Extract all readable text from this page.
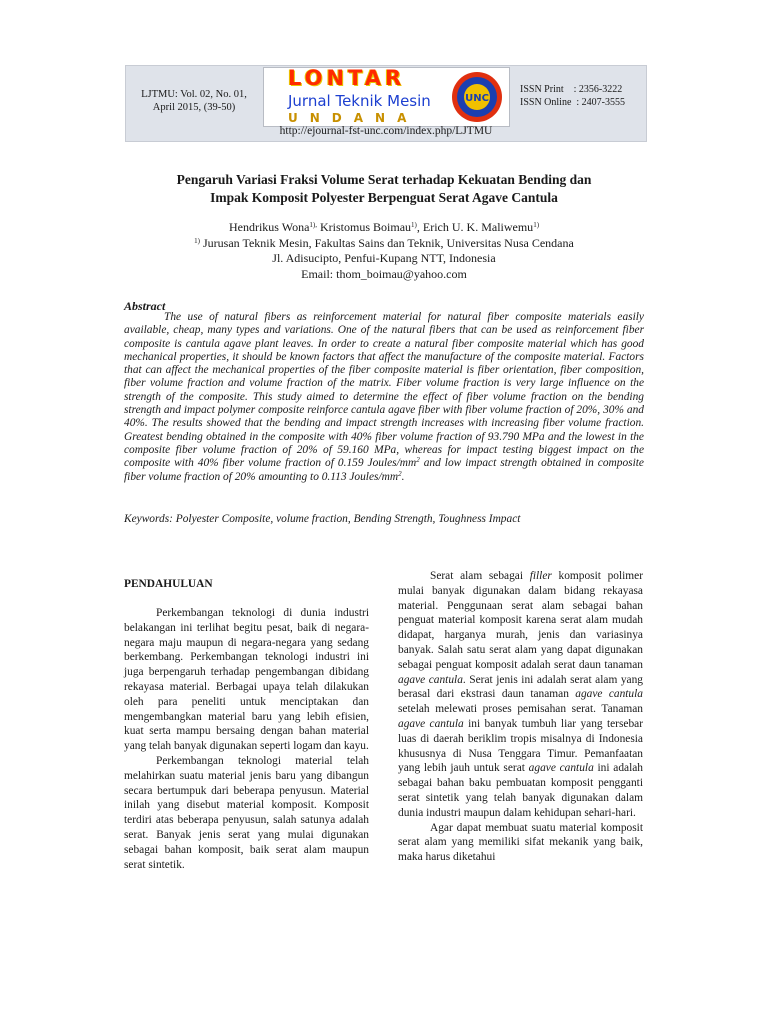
LJTMU: Vol. 02, No. 01,
April 2015, (39-50)
LONTAR
Jurnal Teknik Mesin
UNDANA
UNC
ISSN Print    : 2356-3222
ISSN Online  : 2407-3555
http://ejournal-fst-unc.com/index.php/LJTMU
Pengaruh Variasi Fraksi Volume Serat terhadap Kekuatan Bending dan
Impak Komposit Polyester Berpenguat Serat Agave Cantula

Hendrikus Wona$^{1),}$ Kristomus Boimau$^{1)}$, Erich U. K. Maliwemu$^{1)}$

$^{1)}$ Jurusan Teknik Mesin, Fakultas Sains dan Teknik, Universitas Nusa Cendana

Jl. Adisucipto, Penfui-Kupang NTT, Indonesia

Email: thom_boimau@yahoo.com

Abstract

The use of natural fibers as reinforcement material for natural fiber composite materials easily available, cheap, many types and variations. One of the natural fibers that can be used as reinforcement fiber composite is cantula agave plant leaves. In order to create a natural fiber composite material which has good mechanical properties, it should be known factors that affect the manufacture of the composite material. Factors that can affect the mechanical properties of the fiber composite material is fiber orientation, fiber composition, fiber volume fraction and volume fraction of the matrix. Fiber volume fraction is very large influence on the strength of the composite. This study aimed to determine the effect of fiber volume fraction on the bending strength and impact polymer composite reinforce cantula agave fiber with fiber volume fraction of 20%, 30% and 40%. The results showed that the bending and impact strength increases with increasing fiber volume fraction. Greatest bending obtained in the composite with 40% fiber volume fraction of 93.790 MPa and the lowest in the composite fiber volume fraction of 20% of 59.160 MPa, whereas for impact testing biggest impact on the composite with 40% fiber volume fraction of 0.159 Joules/$mm^2$ and low impact strength obtained in composite fiber volume fraction of 20% amounting to 0.113 Joules/$mm^2$.

Keywords: Polyester Composite, volume fraction, Bending Strength, Toughness Impact

PENDAHULUAN

Perkembangan teknologi di dunia industri belakangan ini terlihat begitu pesat, baik di negara-negara maju maupun di negara-negara yang sedang berkembang. Perkembangan teknologi industri ini juga berpengaruh terhadap pengembangan dibidang rekayasa material. Berbagai upaya telah dilakukan oleh para peneliti untuk menciptakan dan mengembangkan material baru yang lebih efisien, kuat serta mampu bersaing dengan bahan material yang telah banyak digunakan seperti logam dan kayu.

Perkembangan teknologi material telah melahirkan suatu material jenis baru yang dibangun secara bertumpuk dari beberapa penyusun. Material inilah yang disebut material komposit. Komposit terdiri atas beberapa penyusun, salah satunya adalah serat. Banyak jenis serat yang mulai digunakan sebagai bahan komposit, baik serat alam maupun serat sintetik.

Serat alam sebagai filler komposit polimer mulai banyak digunakan dalam bidang rekayasa material. Penggunaan serat alam sebagai bahan penguat material komposit karena serat alam mudah didapat, harganya murah, jenis dan variasinya banyak. Salah satu serat alam yang dapat digunakan sebagai penguat komposit adalah serat daun tanaman agave cantula. Serat jenis ini adalah serat alam yang berasal dari ekstrasi daun tanaman agave cantula setelah melewati proses pemisahan serat. Tanaman agave cantula ini banyak tumbuh liar yang tersebar luas di daerah beriklim tropis misalnya di Indonesia khususnya di Nusa Tenggara Timur. Pemanfaatan yang lebih jauh untuk serat agave cantula ini adalah sebagai bahan baku pembuatan komposit pengganti serat sintetik yang telah banyak digunakan dalam dunia industri maupun dalam kehidupan sehari-hari.

Agar dapat membuat suatu material komposit serat alam yang memiliki sifat mekanik yang baik, maka harus diketahui
